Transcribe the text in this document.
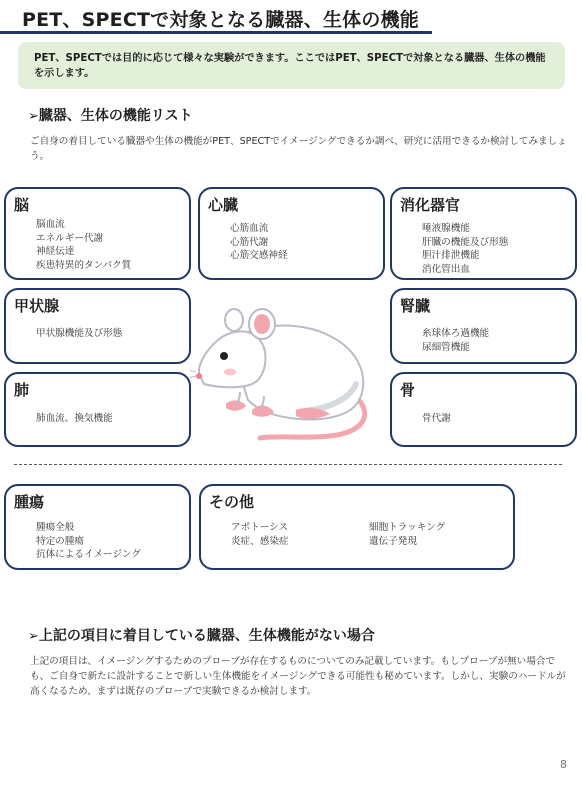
PET、SPECTで対象となる臓器、生体の機能
PET、SPECTでは目的に応じて様々な実験ができます。ここではPET、SPECTで対象となる臓器、生体の機能を示します。
➢臓器、生体の機能リスト
ご自身の着目している臓器や生体の機能がPET、SPECTでイメージングできるか調べ、研究に活用できるか検討してみましょう。
脳
脳血流
エネルギー代謝
神経伝達
疾患特異的タンパク質
心臓
心筋血流
心筋代謝
心筋交感神経
消化器官
唾液腺機能
肝臓の機能及び形態
胆汁排泄機能
消化管出血
甲状腺
甲状腺機能及び形態
腎臓
糸球体ろ過機能
尿細管機能
肺
肺血流、換気機能
骨
骨代謝
腫瘍
腫瘍全般
特定の腫瘍
抗体によるイメージング
その他
アポトーシス
炎症、感染症
細胞トラッキング
遺伝子発現
➢上記の項目に着目している臓器、生体機能がない場合
上記の項目は、イメージングするためのプローブが存在するものについてのみ記載しています。もしプローブが無い場合でも、ご自身で新たに設計することで新しい生体機能をイメージングできる可能性も秘めています。しかし、実験のハードルが高くなるため、まずは既存のプローブで実験できるか検討します。
8
